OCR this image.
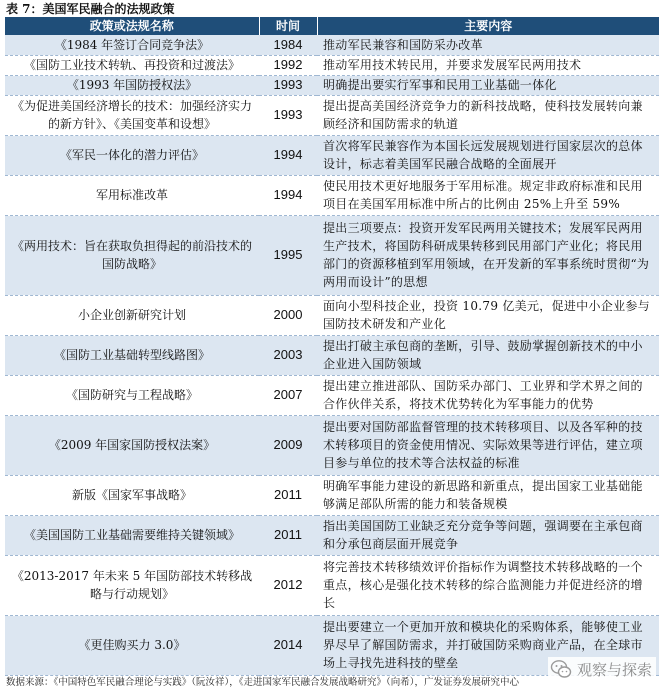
表 7：美国军民融合的法规政策
政策或法规名称	时间	主要内容
《1984 年签订合同竞争法》	1984	推动军民兼容和国防采办改革
《国防工业技术转轨、再投资和过渡法》	1992	推动军用技术转民用，并要求发展军民两用技术
《1993 年国防授权法》	1993	明确提出要实行军事和民用工业基础一体化
《为促进美国经济增长的技术：加强经济实力的新方针》、《美国变革和设想》	1993	提出提高美国经济竞争力的新科技战略，使科技发展转向兼顾经济和国防需求的轨道
《军民一体化的潜力评估》	1994	首次将军民兼容作为本国长远发展规划进行国家层次的总体设计，标志着美国军民融合战略的全面展开
军用标准改革	1994	使民用技术更好地服务于军用标准。规定非政府标准和民用项目在美国军用标准中所占的比例由 25%上升至 59%
《两用技术：旨在获取负担得起的前沿技术的国防战略》	1995	提出三项要点：投资开发军民两用关键技术；发展军民两用生产技术，将国防科研成果转移到民用部门产业化；将民用部门的资源移植到军用领域，在开发新的军事系统时贯彻“为两用而设计”的思想
小企业创新研究计划	2000	面向小型科技企业，投资 10.79 亿美元，促进中小企业参与国防技术研发和产业化
《国防工业基础转型线路图》	2003	提出打破主承包商的垄断，引导、鼓励掌握创新技术的中小企业进入国防领域
《国防研究与工程战略》	2007	提出建立推进部队、国防采办部门、工业界和学术界之间的合作伙伴关系，将技术优势转化为军事能力的优势
《2009 年国家国防授权法案》	2009	提出要对国防部监督管理的技术转移项目、以及各军种的技术转移项目的资金使用情况、实际效果等进行评估，建立项目参与单位的技术等合法权益的标准
新版《国家军事战略》	2011	明确军事能力建设的新思路和新重点，提出国家工业基础能够满足部队所需的能力和装备规模
《美国国防工业基础需要维持关键领域》	2011	指出美国国防工业缺乏充分竞争等问题，强调要在主承包商和分承包商层面开展竞争
《2013-2017 年未来 5 年国防部技术转移战略与行动规划》	2012	将完善技术转移绩效评价指标作为调整技术转移战略的一个重点，核心是强化技术转移的综合监测能力并促进经济的增长
《更佳购买力 3.0》	2014	提出要建立一个更加开放和模块化的采购体系，能够使工业界尽早了解国防需求，并打破国防采购商业产品，在全球市场上寻找先进科技的壁垒
数据来源：《中国特色军民融合理论与实践》（阮汝祥），《走进国家军民融合发展战略研究》（向希），广发证券发展研究中心
观察与探索
